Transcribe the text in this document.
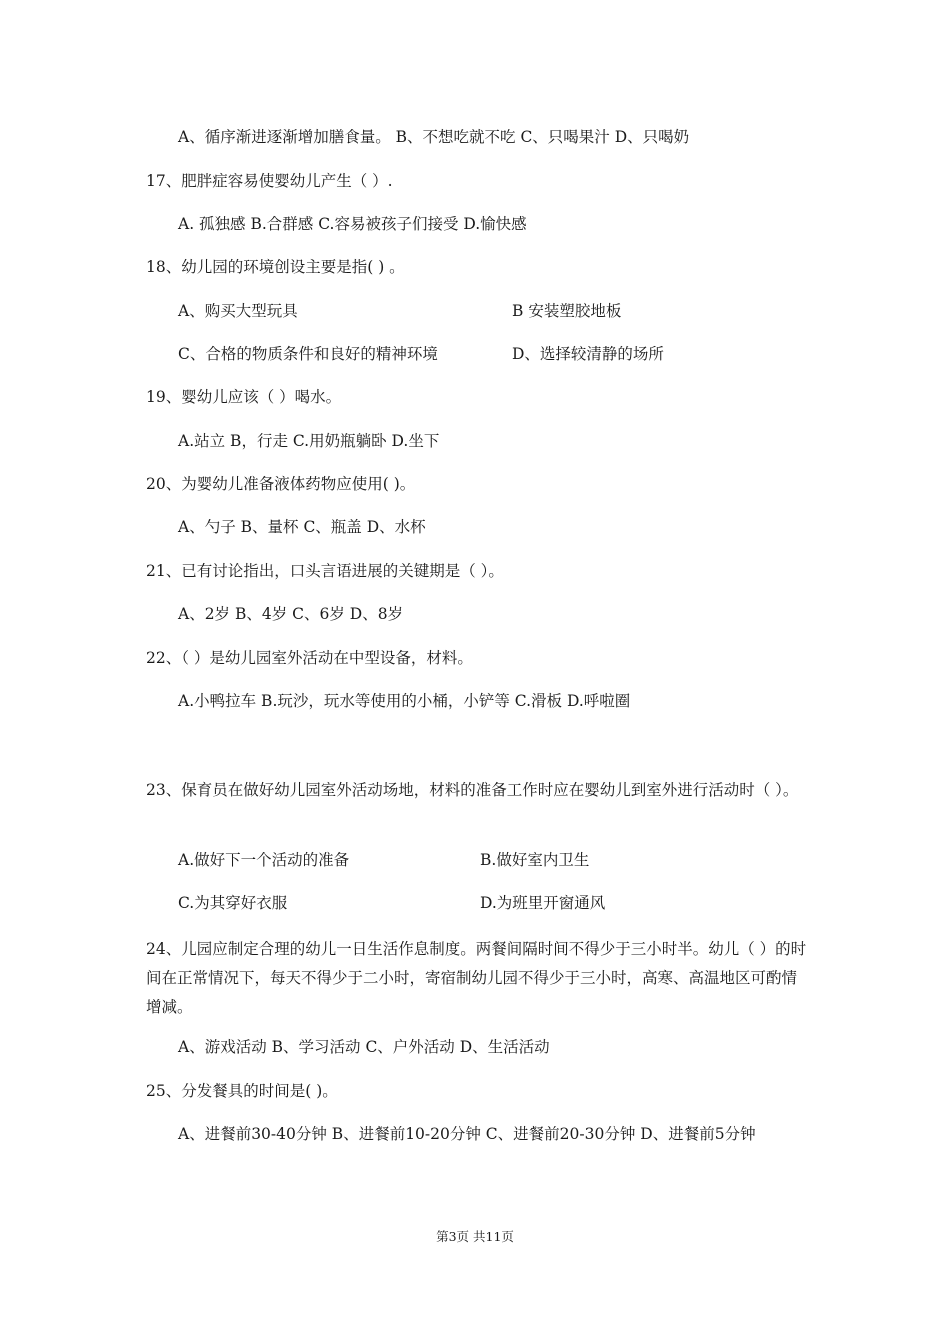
A、循序渐进逐渐增加膳食量。 B、不想吃就不吃 C、只喝果汁 D、只喝奶
17、肥胖症容易使婴幼儿产生（ ）.
A. 孤独感 B.合群感 C.容易被孩子们接受 D.愉快感
18、幼儿园的环境创设主要是指( ) 。
A、购买大型玩具	B 安装塑胶地板
C、合格的物质条件和良好的精神环境	D、选择较清静的场所
19、婴幼儿应该（ ）喝水。
A.站立 B，行走 C.用奶瓶躺卧 D.坐下
20、为婴幼儿准备液体药物应使用( )。
A、勺子 B、量杯 C、瓶盖 D、水杯
21、已有讨论指出，口头言语进展的关键期是（ ）。
A、2岁 B、4岁 C、6岁 D、8岁
22、（ ）是幼儿园室外活动在中型设备，材料。
A.小鸭拉车 B.玩沙，玩水等使用的小桶，小铲等 C.滑板 D.呼啦圈
23、保育员在做好幼儿园室外活动场地，材料的准备工作时应在婴幼儿到室外进行活动时（ ）。
A.做好下一个活动的准备	B.做好室内卫生
C.为其穿好衣服	D.为班里开窗通风
24、儿园应制定合理的幼儿一日生活作息制度。两餐间隔时间不得少于三小时半。幼儿（ ）的时间在正常情况下，每天不得少于二小时，寄宿制幼儿园不得少于三小时，高寒、高温地区可酌情增减。
A、游戏活动 B、学习活动 C、户外活动 D、生活活动
25、分发餐具的时间是( )。
A、进餐前30-40分钟 B、进餐前10-20分钟 C、进餐前20-30分钟 D、进餐前5分钟
第3页 共11页
